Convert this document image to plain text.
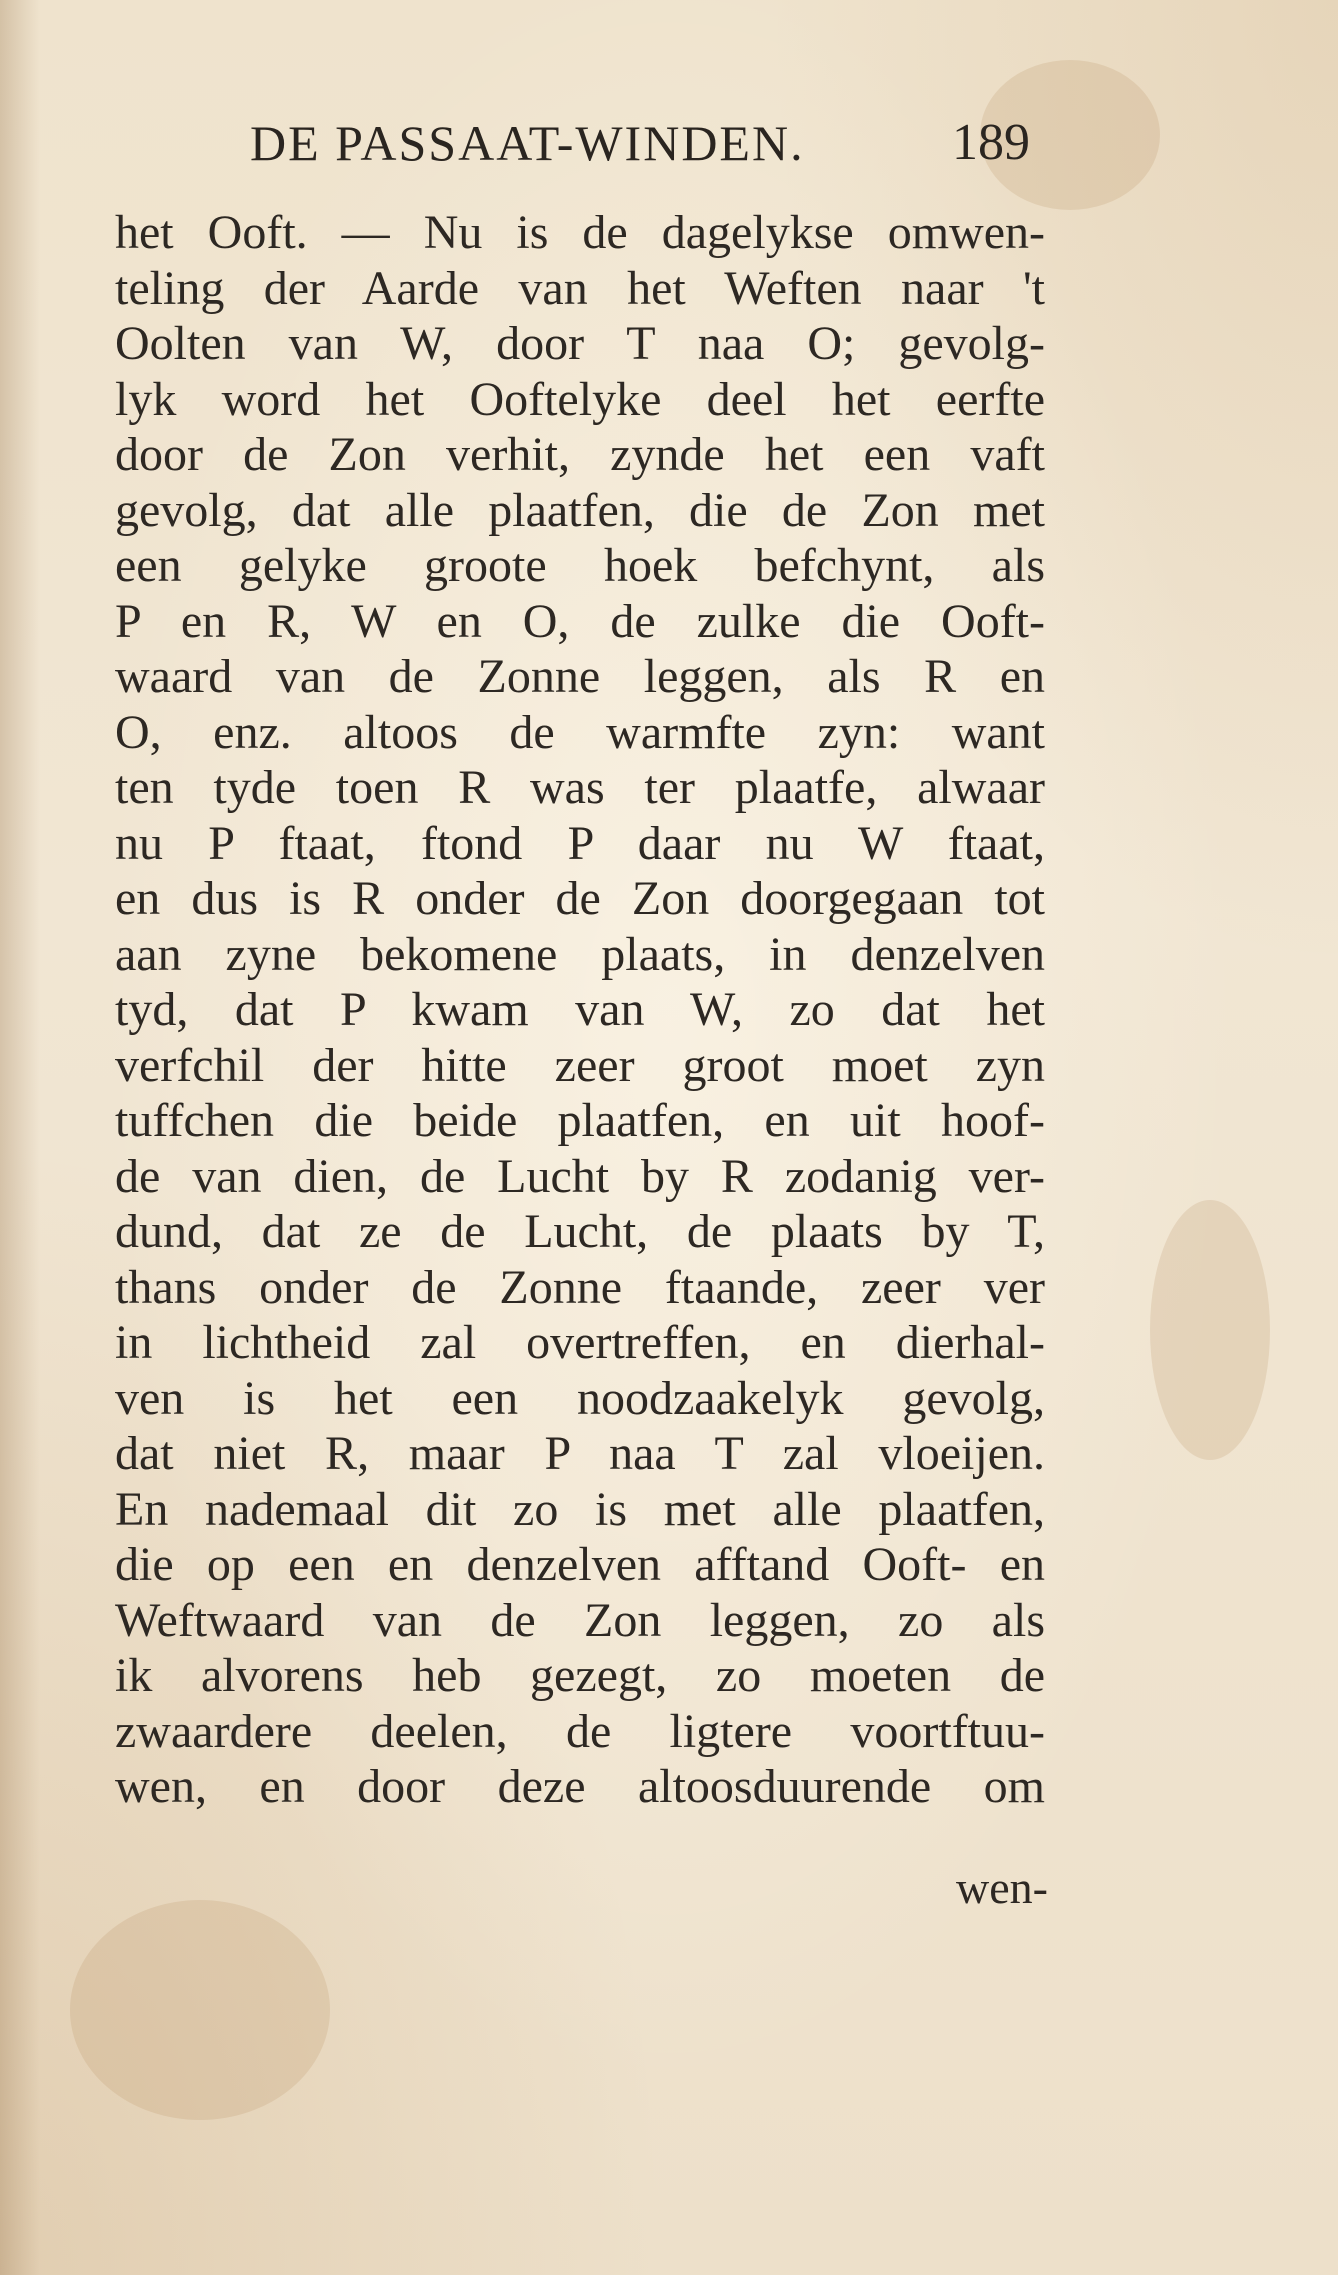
DE PASSAAT-WINDEN.	189
het Ooft. — Nu is de dagelykse omwen-
teling der Aarde van het Weften naar 't
Oolten van W, door T naa O; gevolg-
lyk word het Ooftelyke deel het eerfte
door de Zon verhit, zynde het een vaft
gevolg, dat alle plaatfen, die de Zon met
een gelyke groote hoek befchynt, als
P en R, W en O, de zulke die Ooft-
waard van de Zonne leggen, als R en
O, enz. altoos de warmfte zyn: want
ten tyde toen R was ter plaatfe, alwaar
nu P ftaat, ftond P daar nu W ftaat,
en dus is R onder de Zon doorgegaan tot
aan zyne bekomene plaats, in denzelven
tyd, dat P kwam van W, zo dat het
verfchil der hitte zeer groot moet zyn
tuffchen die beide plaatfen, en uit hoof-
de van dien, de Lucht by R zodanig ver-
dund, dat ze de Lucht, de plaats by T,
thans onder de Zonne ftaande, zeer ver
in lichtheid zal overtreffen, en dierhal-
ven is het een noodzaakelyk gevolg,
dat niet R, maar P naa T zal vloeijen.
En nademaal dit zo is met alle plaatfen,
die op een en denzelven afftand Ooft- en
Weftwaard van de Zon leggen, zo als
ik alvorens heb gezegt, zo moeten de
zwaardere deelen, de ligtere voortftuu-
wen, en door deze altoosduurende om
wen-
